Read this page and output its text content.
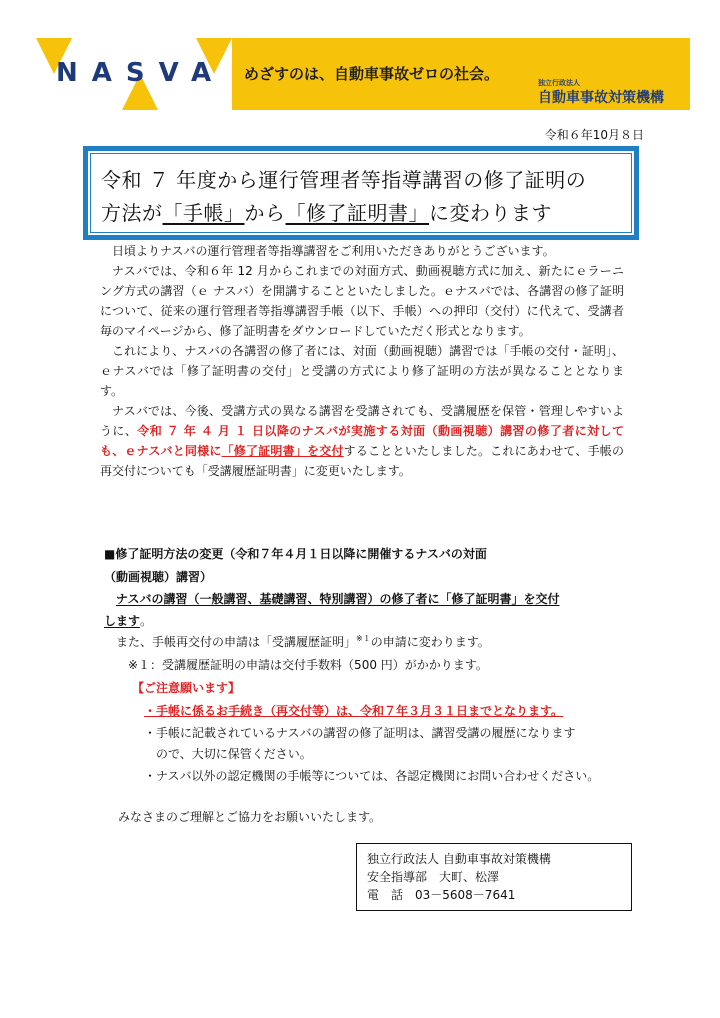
NASVA めざすのは、自動車事故ゼロの社会。	独立行政法人
自動車事故対策機構
令和６年10月８日
令和 ７ 年度から運行管理者等指導講習の修了証明の
方法が「手帳」から「修了証明書」に変わります

日頃よりナスバの運行管理者等指導講習をご利用いただきありがとうございます。

ナスバでは、令和６年 12 月からこれまでの対面方式、動画視聴方式に加え、新たにｅラーニング方式の講習（ｅ ナスバ）を開講することといたしました。ｅナスバでは、各講習の修了証明について、従来の運行管理者等指導講習手帳（以下、手帳）への押印（交付）に代えて、受講者毎のマイページから、修了証明書をダウンロードしていただく形式となります。

これにより、ナスバの各講習の修了者には、対面（動画視聴）講習では「手帳の交付・証明」、ｅナスバでは「修了証明書の交付」と受講の方式により修了証明の方法が異なることとなります。

ナスバでは、今後、受講方式の異なる講習を受講されても、受講履歴を保管・管理しやすいように、令和 ７ 年 ４ 月 １ 日以降のナスバが実施する対面（動画視聴）講習の修了者に対しても、ｅナスバと同様に「修了証明書」を交付することといたしました。これにあわせて、手帳の再交付についても「受講履歴証明書」に変更いたします。

■修了証明方法の変更（令和７年４月１日以降に開催するナスバの対面
（動画視聴）講習）
ナスバの講習（一般講習、基礎講習、特別講習）の修了者に「修了証明書」を交付
します。
また、手帳再交付の申請は「受講履歴証明」$^{※1}$の申請に変わります。
※１：受講履歴証明の申請は交付手数料（500 円）がかかります。
【ご注意願います】
・手帳に係るお手続き（再交付等）は、令和７年３月３１日までとなります。
・手帳に記載されているナスバの講習の修了証明は、講習受講の履歴になります
ので、大切に保管ください。
・ナスバ以外の認定機関の手帳等については、各認定機関にお問い合わせください。
みなさまのご理解とご協力をお願いいたします。
独立行政法人 自動車事故対策機構
安全指導部　大町、松澤
電　話　03－5608－7641
